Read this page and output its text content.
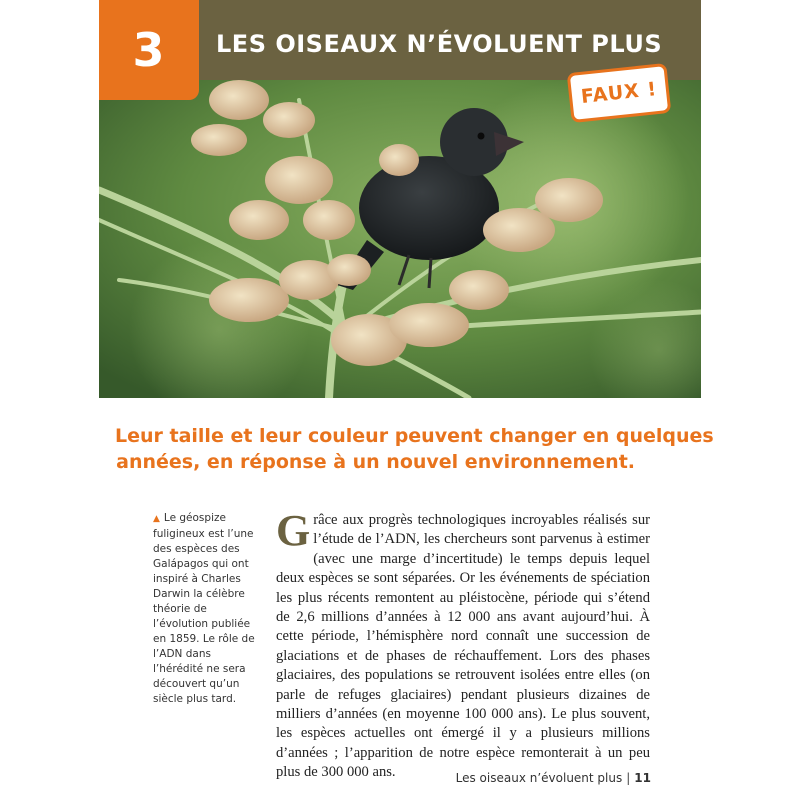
3 LES OISEAUX N’ÉVOLUENT PLUS
FAUX !
Leur taille et leur couleur peuvent changer en quelques
années, en réponse à un nouvel environnement.
▲ Le géospize fuligineux est l’une des espèces des Galápagos qui ont inspiré à Charles Darwin la célèbre théorie de l’évolution publiée en 1859. Le rôle de l’ADN dans l’hérédité ne sera découvert qu’un siècle plus tard.
Grâce aux progrès technologiques incroyables réalisés sur l’étude de l’ADN, les chercheurs sont parvenus à estimer (avec une marge d’incertitude) le temps depuis lequel deux espèces se sont séparées. Or les événements de spéciation les plus récents remontent au pléistocène, période qui s’étend de 2,6 millions d’années à 12 000 ans avant aujourd’hui. À cette période, l’hémisphère nord connaît une succession de glaciations et de phases de réchauffement. Lors des phases glaciaires, des populations se retrouvent isolées entre elles (on parle de refuges glaciaires) pendant plusieurs dizaines de milliers d’années (en moyenne 100 000 ans). Le plus souvent, les espèces actuelles ont émergé il y a plusieurs millions d’années ; l’apparition de notre espèce remonterait à un peu plus de 300 000 ans.	Les oiseaux n’évoluent plus | 11
